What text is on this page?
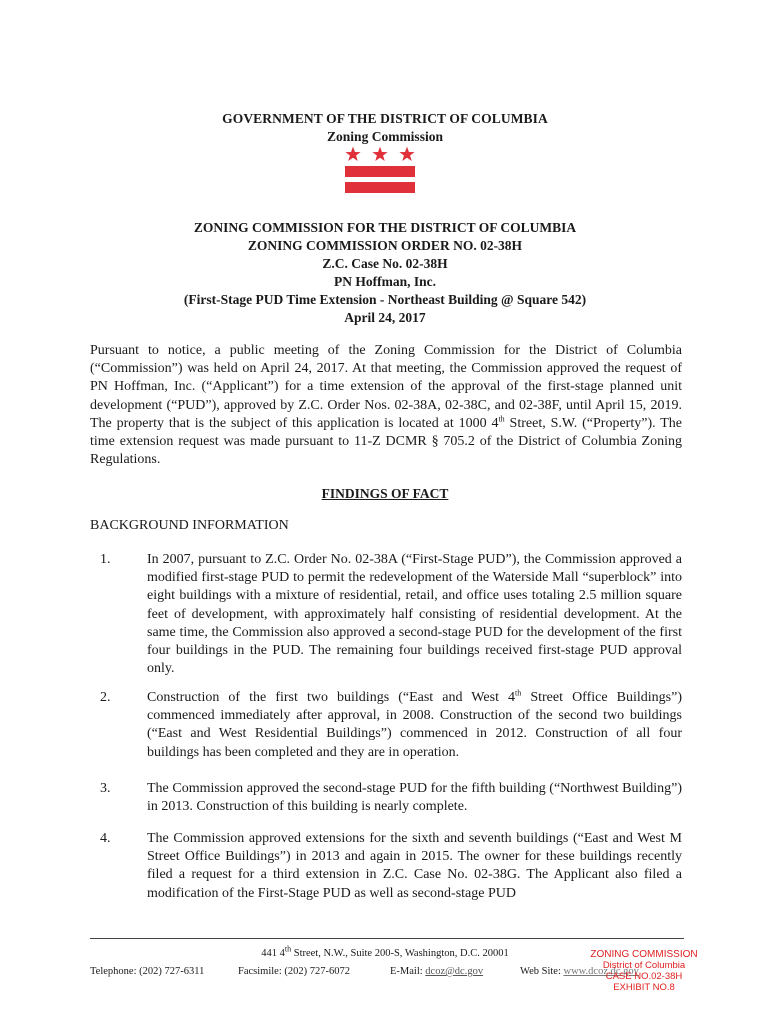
GOVERNMENT OF THE DISTRICT OF COLUMBIA
Zoning Commission
ZONING COMMISSION FOR THE DISTRICT OF COLUMBIA
ZONING COMMISSION ORDER NO. 02-38H
Z.C. Case No. 02-38H
PN Hoffman, Inc.
(First-Stage PUD Time Extension - Northeast Building @ Square 542)
April 24, 2017
Pursuant to notice, a public meeting of the Zoning Commission for the District of Columbia (“Commission”) was held on April 24, 2017. At that meeting, the Commission approved the request of PN Hoffman, Inc. (“Applicant”) for a time extension of the approval of the first-stage planned unit development (“PUD”), approved by Z.C. Order Nos. 02-38A, 02-38C, and 02-38F, until April 15, 2019. The property that is the subject of this application is located at 1000 4th Street, S.W. (“Property”). The time extension request was made pursuant to 11-Z DCMR § 705.2 of the District of Columbia Zoning Regulations.
FINDINGS OF FACT
BACKGROUND INFORMATION
1.	In 2007, pursuant to Z.C. Order No. 02-38A (“First-Stage PUD”), the Commission approved a modified first-stage PUD to permit the redevelopment of the Waterside Mall “superblock” into eight buildings with a mixture of residential, retail, and office uses totaling 2.5 million square feet of development, with approximately half consisting of residential development. At the same time, the Commission also approved a second-stage PUD for the development of the first four buildings in the PUD. The remaining four buildings received first-stage PUD approval only.
2.	Construction of the first two buildings (“East and West 4th Street Office Buildings”) commenced immediately after approval, in 2008. Construction of the second two buildings (“East and West Residential Buildings”) commenced in 2012. Construction of all four buildings has been completed and they are in operation.
3.	The Commission approved the second-stage PUD for the fifth building (“Northwest Building”) in 2013. Construction of this building is nearly complete.
4.	The Commission approved extensions for the sixth and seventh buildings (“East and West M Street Office Buildings”) in 2013 and again in 2015. The owner for these buildings recently filed a request for a third extension in Z.C. Case No. 02-38G. The Applicant also filed a modification of the First-Stage PUD as well as second-stage PUD
441 4th Street, N.W., Suite 200-S, Washington, D.C. 20001
Telephone: (202) 727-6311	Facsimile: (202) 727-6072	E-Mail: dcoz@dc.gov	Web Site: www.dcoz.dc.gov
ZONING COMMISSION
District of Columbia
CASE NO.02-38H
EXHIBIT NO.8
